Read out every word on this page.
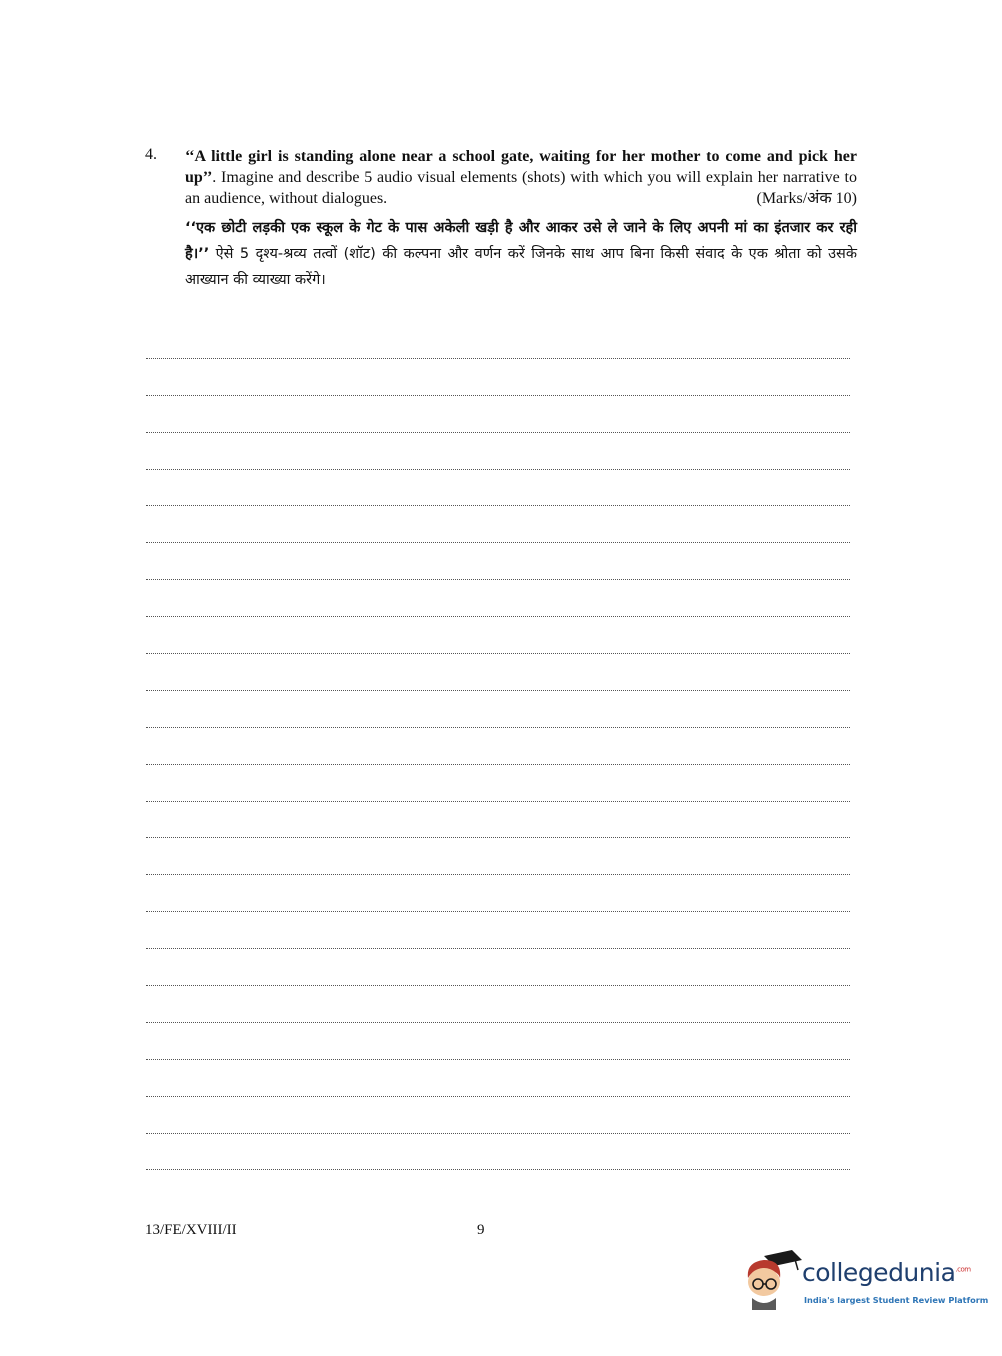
4. ‘‘A little girl is standing alone near a school gate, waiting for her mother to come and pick her up’’. Imagine and describe 5 audio visual elements (shots) with which you will explain her narrative to an audience, without dialogues.	(Marks/अंक 10)
‘‘एक छोटी लड़की एक स्कूल के गेट के पास अकेली खड़ी है और आकर उसे ले जाने के लिए अपनी मां का इंतजार कर रही है।’’ ऐसे 5 दृश्य-श्रव्य तत्वों (शॉट) की कल्पना और वर्णन करें जिनके साथ आप बिना किसी संवाद के एक श्रोता को उसके आख्यान की व्याख्या करेंगे।
13/FE/XVIII/II	9
collegedunia$^{.com}$
India's largest Student Review Platform
